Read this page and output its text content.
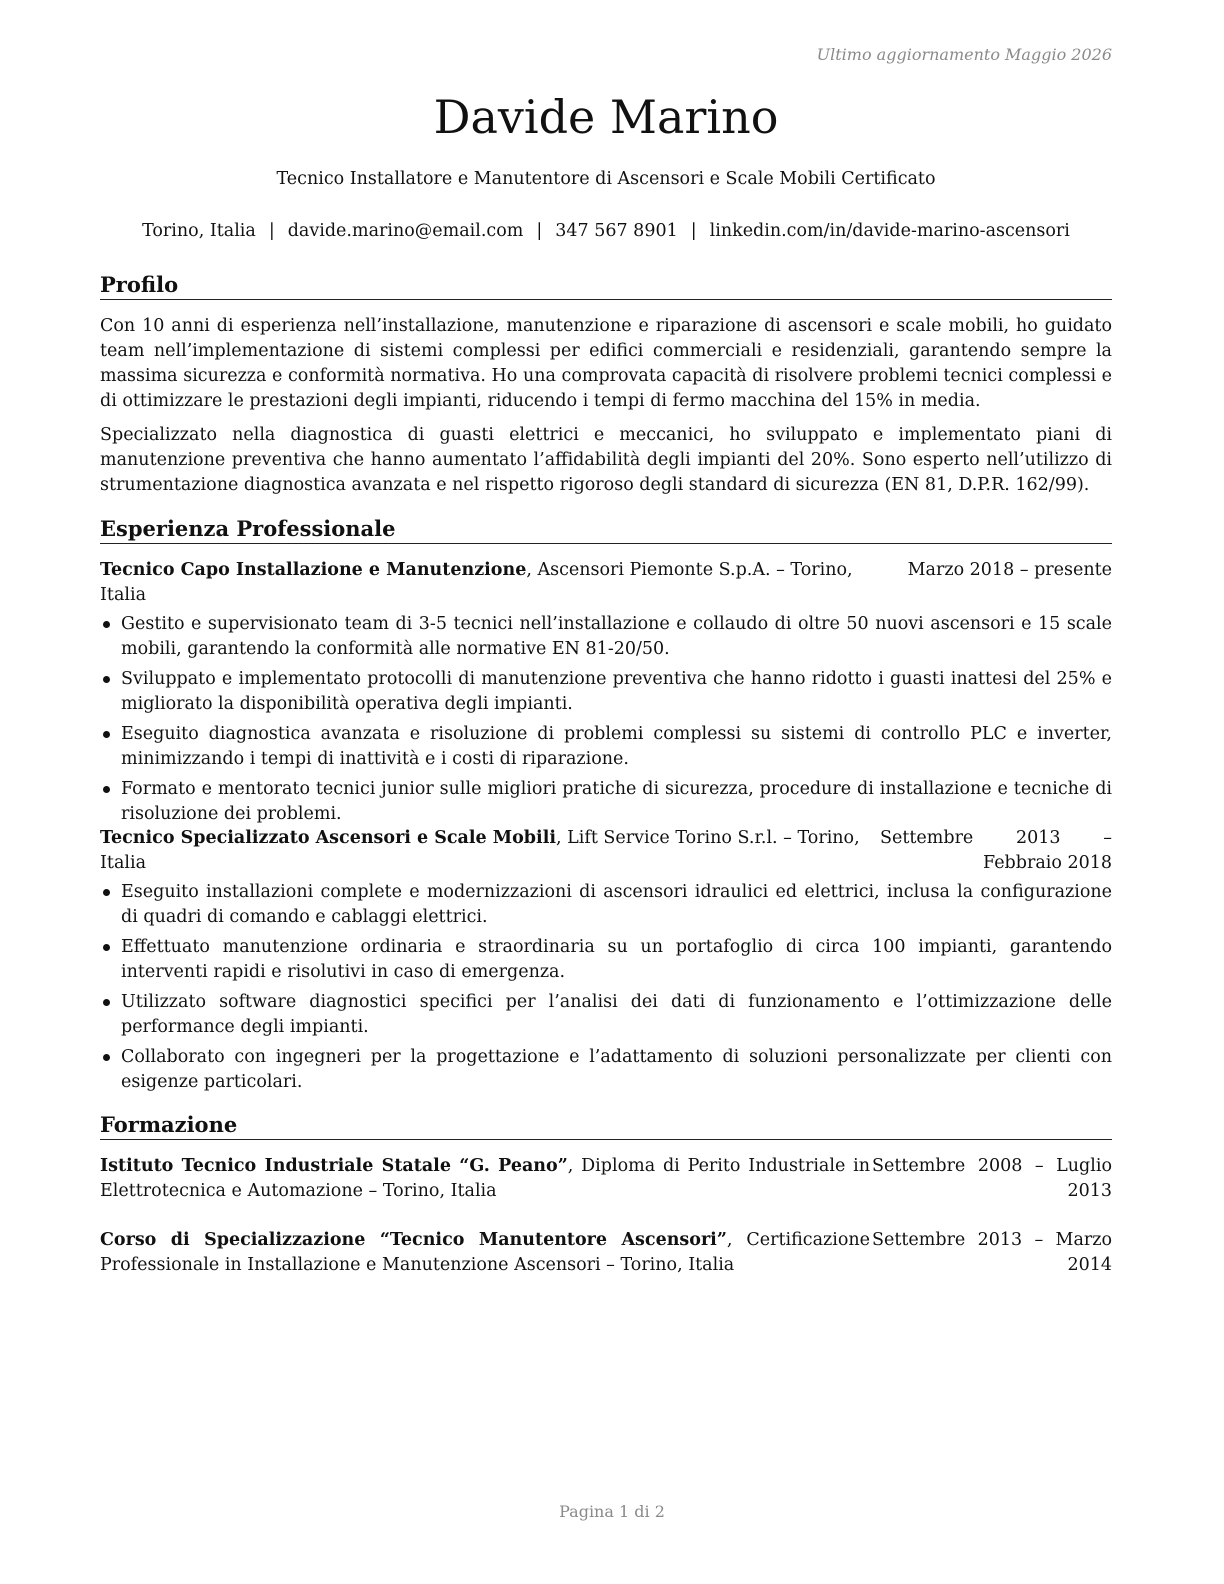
Ultimo aggiornamento Maggio 2026
Davide Marino
Tecnico Installatore e Manutentore di Ascensori e Scale Mobili Certificato
Torino, Italia | davide.marino@email.com | 347 567 8901 | linkedin.com/in/davide-marino-ascensori
Profilo

Con 10 anni di esperienza nell’installazione, manutenzione e riparazione di ascensori e scale mobili, ho guidato team nell’implementazione di sistemi complessi per edifici commerciali e residenziali, garantendo sempre la massima sicurezza e conformità normativa. Ho una comprovata capacità di risolvere problemi tecnici complessi e di ottimizzare le prestazioni degli impianti, riducendo i tempi di fermo macchina del 15% in media.

Specializzato nella diagnostica di guasti elettrici e meccanici, ho sviluppato e implementato piani di manutenzione preventiva che hanno aumentato l’affidabilità degli impianti del 20%. Sono esperto nell’utilizzo di strumentazione diagnostica avanzata e nel rispetto rigoroso degli standard di sicurezza (EN 81, D.P.R. 162/99).

Esperienza Professionale
Tecnico Capo Installazione e Manutenzione, Ascensori Piemonte S.p.A. – Torino, Italia
Marzo 2018 – presente
Gestito e supervisionato team di 3-5 tecnici nell’installazione e collaudo di oltre 50 nuovi ascensori e 15 scale mobili, garantendo la conformità alle normative EN 81-20/50.
Sviluppato e implementato protocolli di manutenzione preventiva che hanno ridotto i guasti inattesi del 25% e migliorato la disponibilità operativa degli impianti.
Eseguito diagnostica avanzata e risoluzione di problemi complessi su sistemi di controllo PLC e inverter, minimizzando i tempi di inattività e i costi di riparazione.
Formato e mentorato tecnici junior sulle migliori pratiche di sicurezza, procedure di installazione e tecniche di risoluzione dei problemi.
Tecnico Specializzato Ascensori e Scale Mobili, Lift Service Torino S.r.l. – Torino, Italia
Settembre 2013 – Febbraio 2018
Eseguito installazioni complete e modernizzazioni di ascensori idraulici ed elettrici, inclusa la configurazione di quadri di comando e cablaggi elettrici.
Effettuato manutenzione ordinaria e straordinaria su un portafoglio di circa 100 impianti, garantendo interventi rapidi e risolutivi in caso di emergenza.
Utilizzato software diagnostici specifici per l’analisi dei dati di funzionamento e l’ottimizzazione delle performance degli impianti.
Collaborato con ingegneri per la progettazione e l’adattamento di soluzioni personalizzate per clienti con esigenze particolari.
Formazione
Istituto Tecnico Industriale Statale “G. Peano”, Diploma di Perito Industriale in Elettrotecnica e Automazione – Torino, Italia
Settembre 2008 – Luglio 2013
Corso di Specializzazione “Tecnico Manutentore Ascensori”, Certificazione Professionale in Installazione e Manutenzione Ascensori – Torino, Italia
Settembre 2013 – Marzo 2014
Pagina 1 di 2
